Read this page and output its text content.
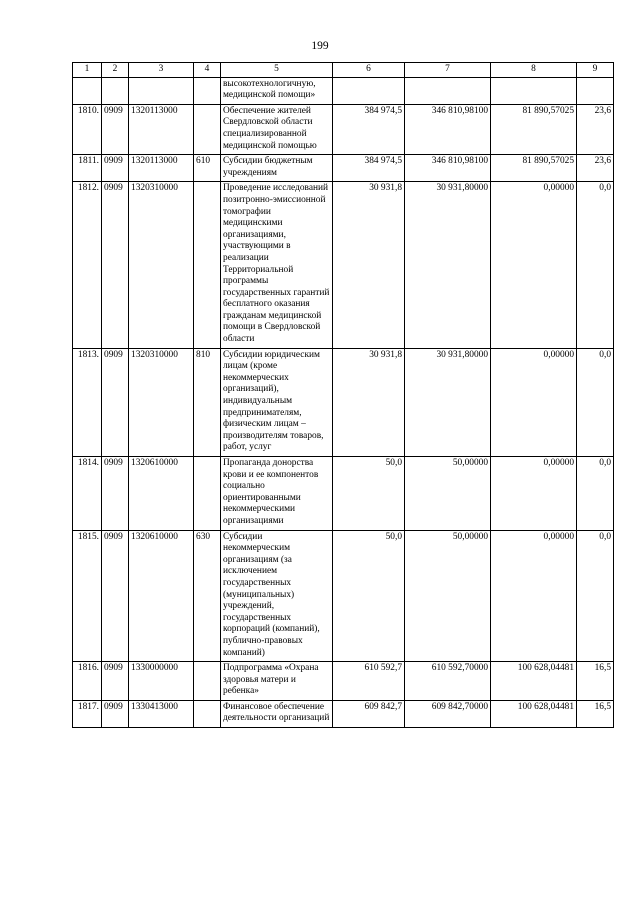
199
1	2	3	4	5	6	7	8	9
				высокотехнологичную, медицинской помощи»				
1810.	0909	1320113000		Обеспечение жителей Свердловской области специализированной медицинской помощью	384 974,5	346 810,98100	81 890,57025	23,6
1811.	0909	1320113000	610	Субсидии бюджетным учреждениям	384 974,5	346 810,98100	81 890,57025	23,6
1812.	0909	1320310000		Проведение исследований позитронно-эмиссионной томографии медицинскими организациями, участвующими в реализации Территориальной программы государственных гарантий бесплатного оказания гражданам медицинской помощи в Свердловской области	30 931,8	30 931,80000	0,00000	0,0
1813.	0909	1320310000	810	Субсидии юридическим лицам (кроме некоммерческих организаций), индивидуальным предпринимателям, физическим лицам – производителям товаров, работ, услуг	30 931,8	30 931,80000	0,00000	0,0
1814.	0909	1320610000		Пропаганда донорства крови и ее компонентов социально ориентированными некоммерческими организациями	50,0	50,00000	0,00000	0,0
1815.	0909	1320610000	630	Субсидии некоммерческим организациям (за исключением государственных (муниципальных) учреждений, государственных корпораций (компаний), публично-правовых компаний)	50,0	50,00000	0,00000	0,0
1816.	0909	1330000000		Подпрограмма «Охрана здоровья матери и ребенка»	610 592,7	610 592,70000	100 628,04481	16,5
1817.	0909	1330413000		Финансовое обеспечение деятельности организаций	609 842,7	609 842,70000	100 628,04481	16,5
